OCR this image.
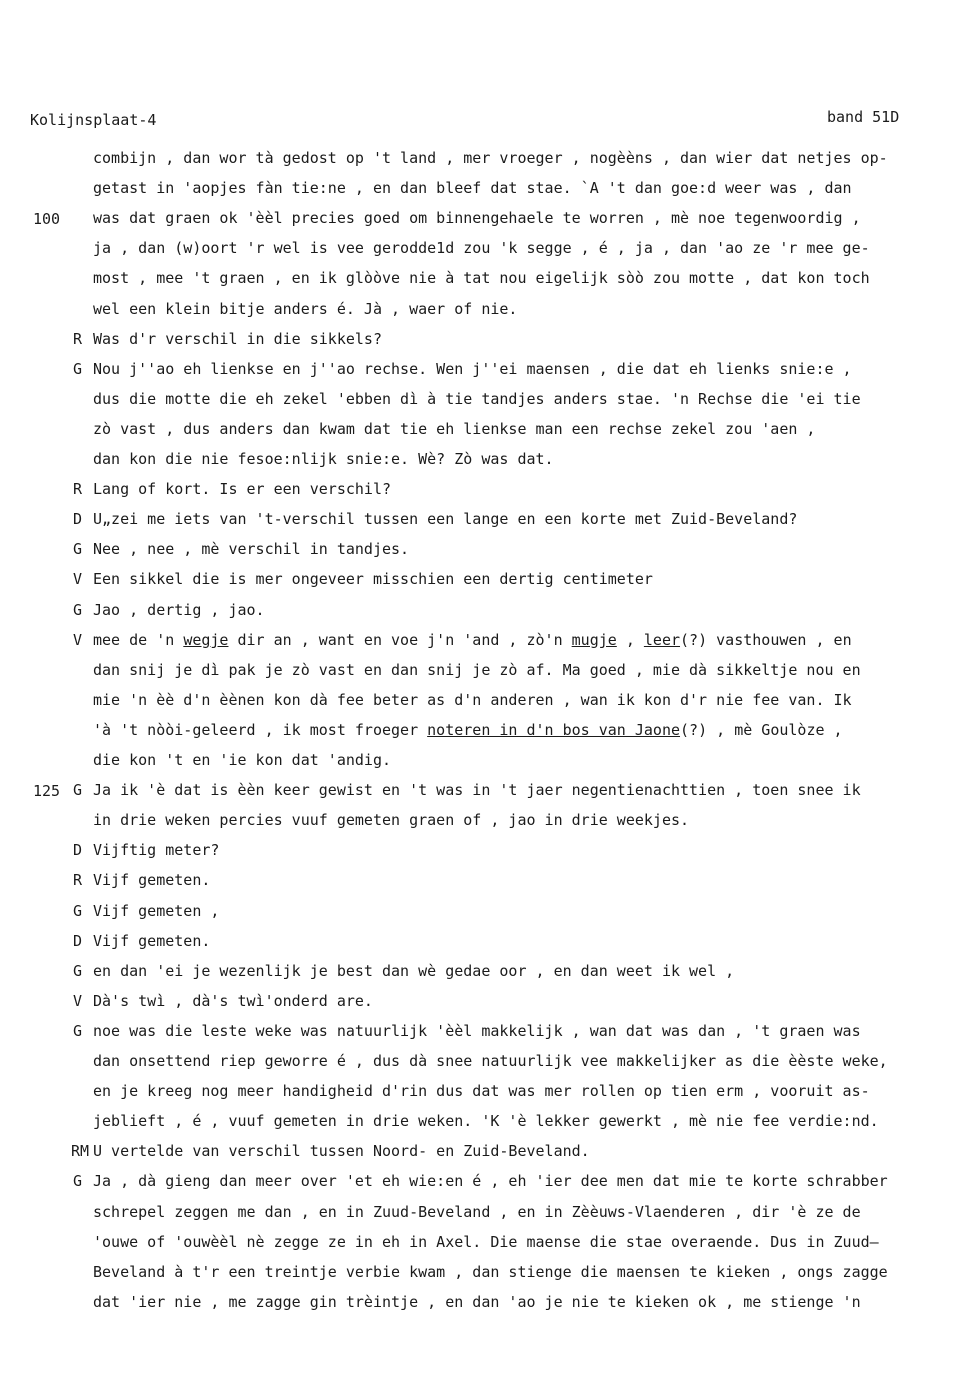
Kolijnsplaat-4	band 51D
100
125
combijn , dan wor tà gedost op 't land , mer vroeger , nogèèns , dan wier dat netjes op-
getast in 'aopjes fàn tie:ne , en dan bleef dat stae. `A 't dan goe:d weer was , dan
was dat graen ok 'èèl precies goed om binnengehaele te worren , mè noe tegenwoordig ,
ja , dan (w)oort 'r wel is vee gerodde1d zou 'k segge , é , ja , dan 'ao ze 'r mee ge-
most , mee 't graen , en ik glòòve nie à tat nou eigelijk sòò zou motte , dat kon toch
wel een klein bitje anders é. Jà , waer of nie.
R Was d'r verschil in die sikkels?
G Nou j''ao eh lienkse en j''ao rechse. Wen j''ei maensen , die dat eh lienks snie:e ,
dus die motte die eh zekel 'ebben dì à tie tandjes anders stae. 'n Rechse die 'ei tie
zò vast , dus anders dan kwam dat tie eh lienkse man een rechse zekel zou 'aen ,
dan kon die nie fesoe:nlijk snie:e. Wè? Zò was dat.
R Lang of kort. Is er een verschil?
D U„zei me iets van 't-verschil tussen een lange en een korte met Zuid-Beveland?
G Nee , nee , mè verschil in tandjes.
V Een sikkel die is mer ongeveer misschien een dertig centimeter
G Jao , dertig , jao.
V mee de 'n wegje dir an , want en voe j'n 'and , zò'n mugje , leer(?) vasthouwen , en
dan snij je dì pak je zò vast en dan snij je zò af. Ma goed , mie dà sikkeltje nou en
mie 'n èè d'n èènen kon dà fee beter as d'n anderen , wan ik kon d'r nie fee van. Ik
'à 't nòòi-geleerd , ik most froeger noteren in d'n bos van Jaone(?) , mè Goulòze ,
die kon 't en 'ie kon dat 'andig.
G Ja ik 'è dat is èèn keer gewist en 't was in 't jaer negentienachttien , toen snee ik
in drie weken percies vuuf gemeten graen of , jao in drie weekjes.
D Vijftig meter?
R Vijf gemeten.
G Vijf gemeten ,
D Vijf gemeten.
G en dan 'ei je wezenlijk je best dan wè gedae oor , en dan weet ik wel ,
V Dà's twì , dà's twì'onderd are.
G noe was die leste weke was natuurlijk 'èèl makkelijk , wan dat was dan , 't graen was
dan onsettend riep geworre é , dus dà snee natuurlijk vee makkelijker as die èèste weke,
en je kreeg nog meer handigheid d'rin dus dat was mer rollen op tien erm , vooruit as-
jeblieft , é , vuuf gemeten in drie weken. 'K 'è lekker gewerkt , mè nie fee verdie:nd.
RM U vertelde van verschil tussen Noord- en Zuid-Beveland.
G Ja , dà gieng dan meer over 'et eh wie:en é , eh 'ier dee men dat mie te korte schrabber
schrepel zeggen me dan , en in Zuud-Beveland , en in Zèèuws-Vlaenderen , dir 'è ze de
'ouwe of 'ouwèèl nè zegge ze in eh in Axel. Die maense die stae overaende. Dus in Zuud—
Beveland à t'r een treintje verbie kwam , dan stienge die maensen te kieken , ongs zagge
dat 'ier nie , me zagge gin trèintje , en dan 'ao je nie te kieken ok , me stienge 'n
